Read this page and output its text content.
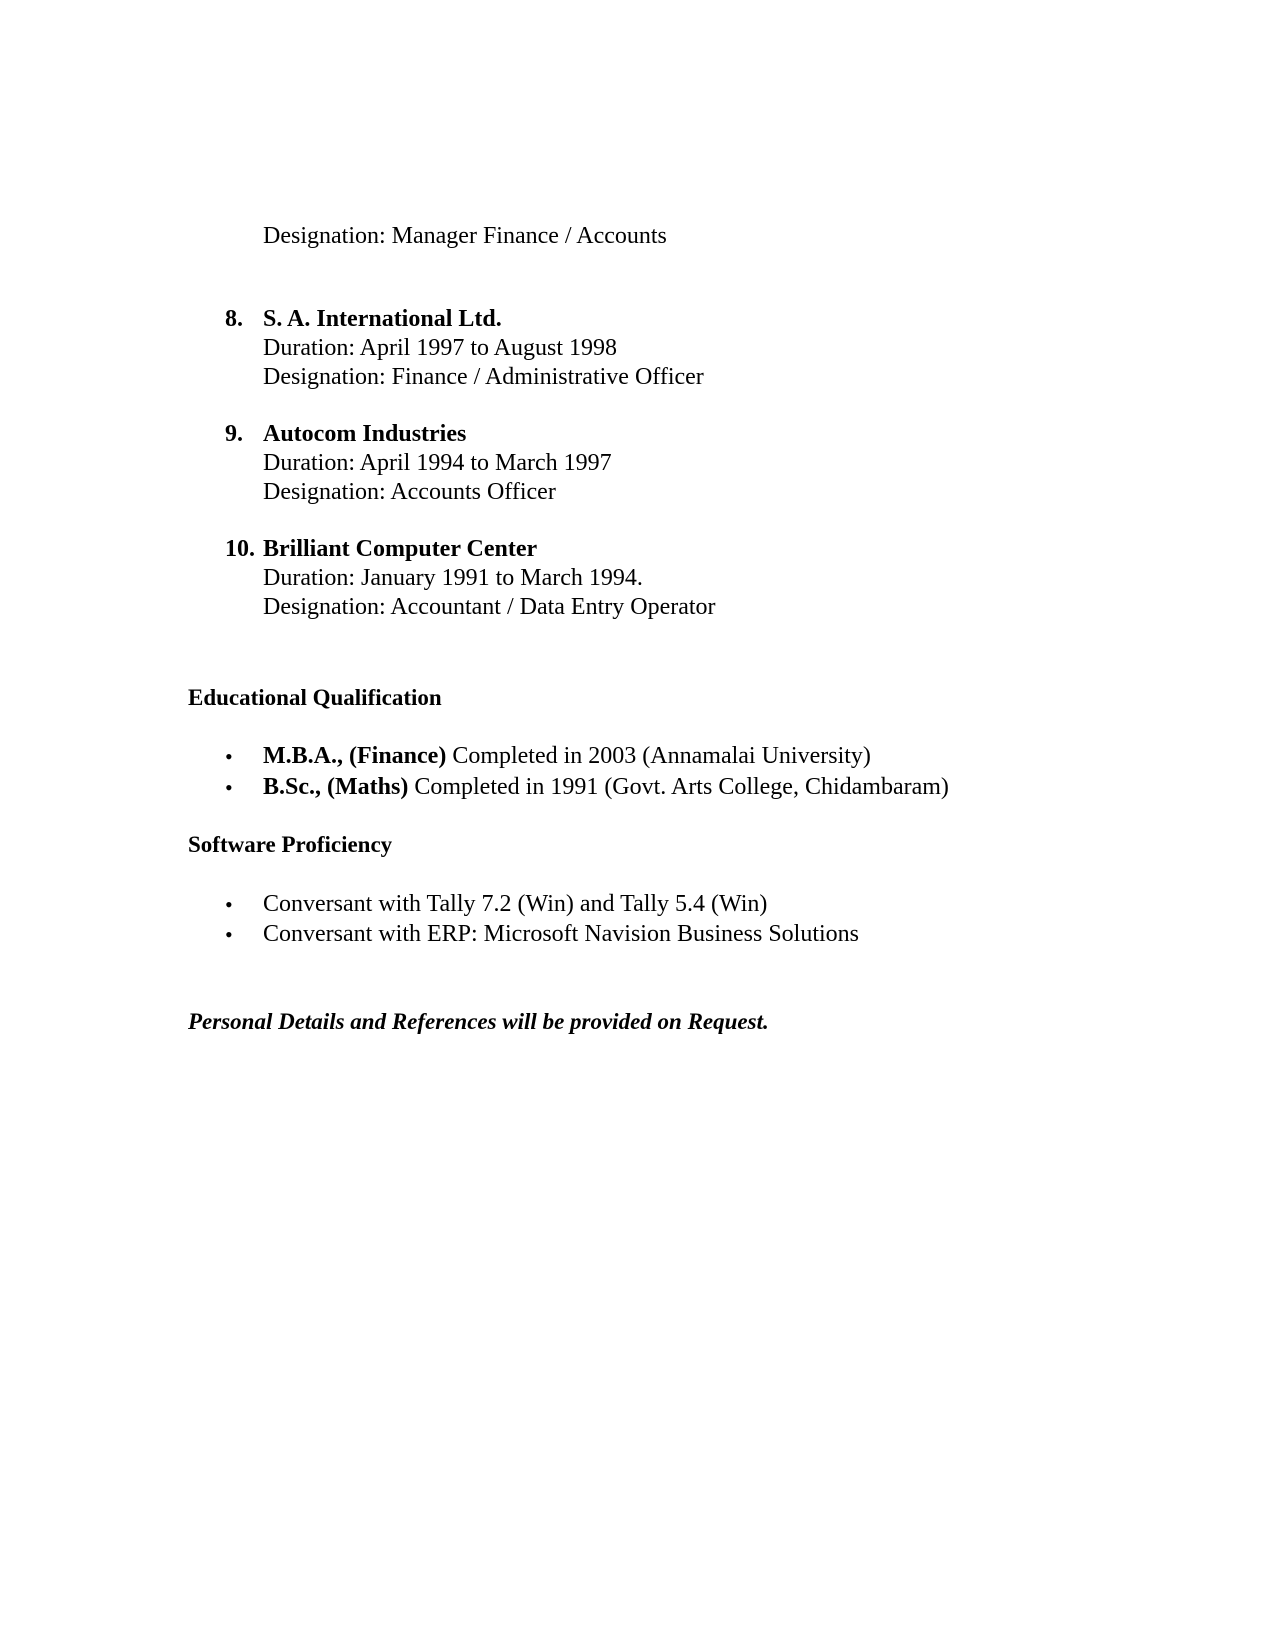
Designation: Manager Finance / Accounts
8. S. A. International Ltd.
Duration: April 1997 to August 1998
Designation: Finance / Administrative Officer
9. Autocom Industries
Duration: April 1994 to March 1997
Designation: Accounts Officer
10. Brilliant Computer Center
Duration: January 1991 to March 1994.
Designation: Accountant / Data Entry Operator
Educational Qualification
• M.B.A., (Finance) Completed in 2003 (Annamalai University)
• B.Sc., (Maths) Completed in 1991 (Govt. Arts College, Chidambaram)
Software Proficiency
• Conversant with Tally 7.2 (Win) and Tally 5.4 (Win)
• Conversant with ERP: Microsoft Navision Business Solutions
Personal Details and References will be provided on Request.
